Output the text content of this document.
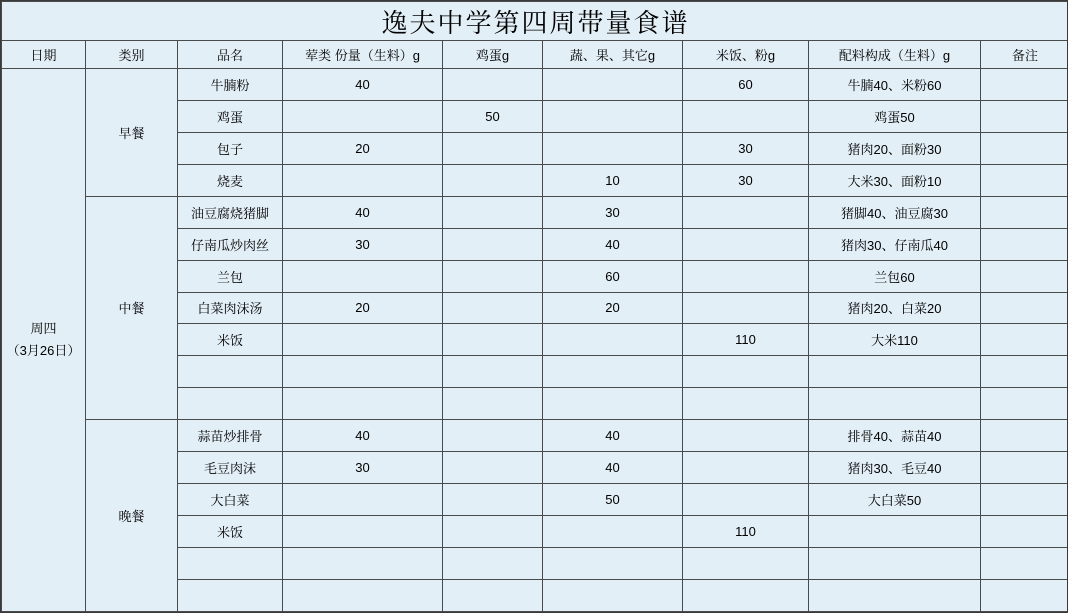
逸夫中学第四周带量食谱								
日期	类别	品名	荤类 份量（生料）g	鸡蛋g	蔬、果、其它g	米饭、粉g	配料构成（生料）g	备注

周四
（3月26日）	早餐	牛腩粉	40			60	牛腩40、米粉60	
		鸡蛋		50			鸡蛋50	
		包子	20			30	猪肉20、面粉30	
		烧麦			10	30	大米30、面粉10	
	中餐	油豆腐烧猪脚	40		30		猪脚40、油豆腐30	
		仔南瓜炒肉丝	30		40		猪肉30、仔南瓜40	
		兰包			60		兰包60	
		白菜肉沫汤	20		20		猪肉20、白菜20	
		米饭				110	大米110	

	晚餐	蒜苗炒排骨	40		40		排骨40、蒜苗40	
		毛豆肉沫	30		40		猪肉30、毛豆40	
		大白菜			50		大白菜50	
		米饭				110		
